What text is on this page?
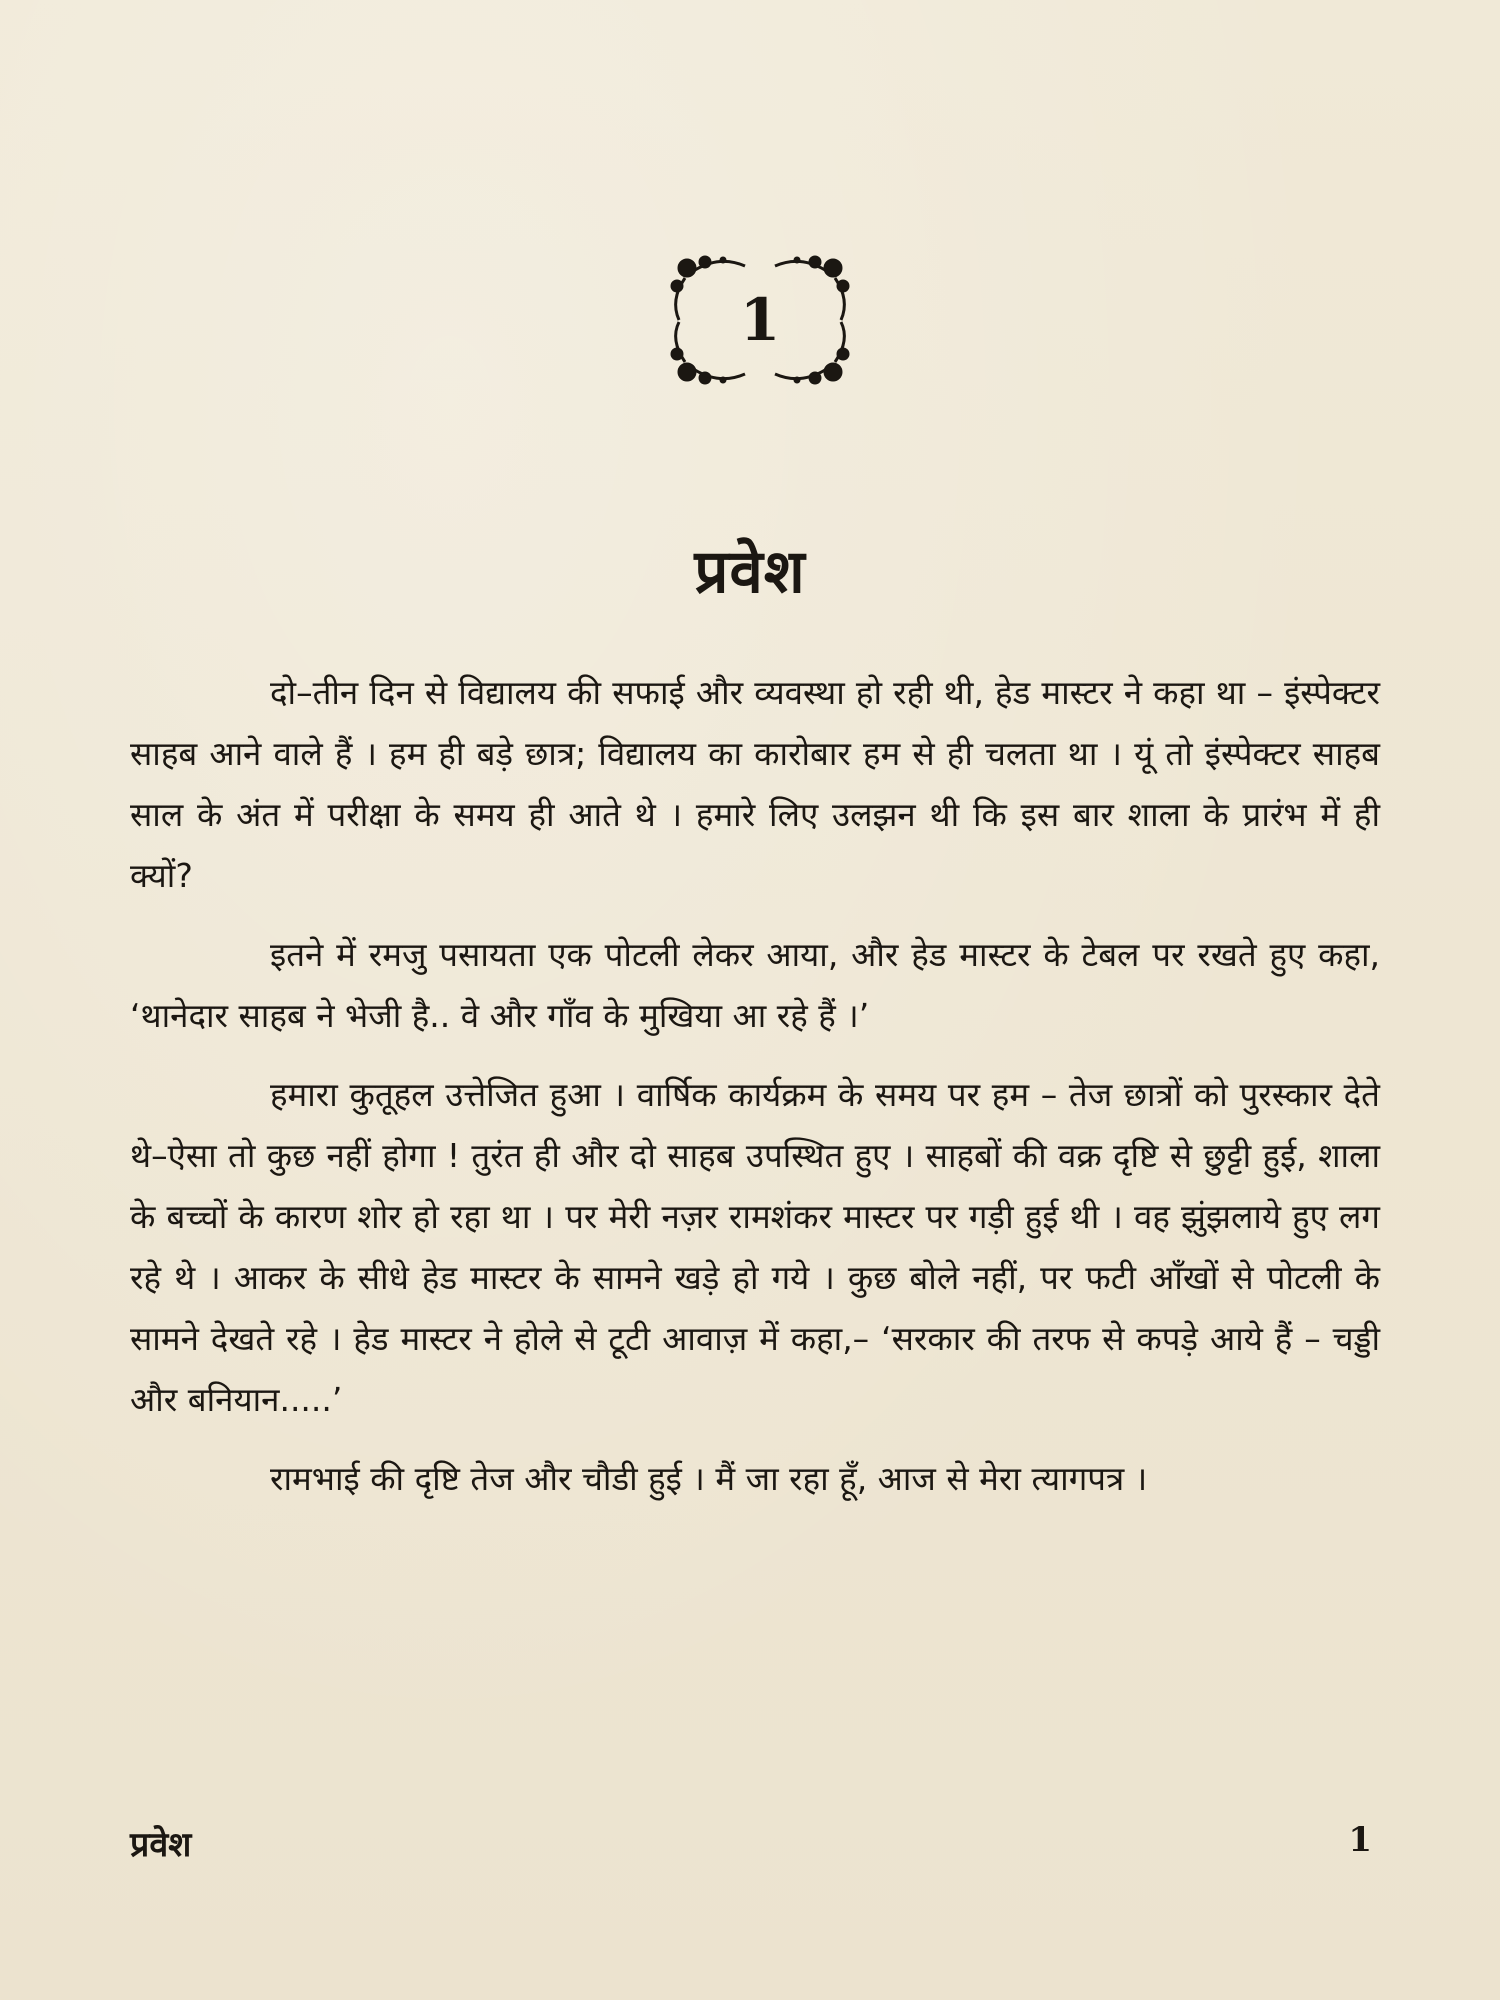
1
प्रवेश

दो–तीन दिन से विद्यालय की सफाई और व्यवस्था हो रही थी, हेड मास्टर ने कहा था – इंस्पेक्टर साहब आने वाले हैं । हम ही बड़े छात्र; विद्यालय का कारोबार हम से ही चलता था । यूं तो इंस्पेक्टर साहब साल के अंत में परीक्षा के समय ही आते थे । हमारे लिए उलझन थी कि इस बार शाला के प्रारंभ में ही क्यों?

इतने में रमजु पसायता एक पोटली लेकर आया, और हेड मास्टर के टेबल पर रखते हुए कहा, ‘थानेदार साहब ने भेजी है.. वे और गाँव के मुखिया आ रहे हैं ।’

हमारा कुतूहल उत्तेजित हुआ । वार्षिक कार्यक्रम के समय पर हम – तेज छात्रों को पुरस्कार देते थे–ऐसा तो कुछ नहीं होगा ! तुरंत ही और दो साहब उपस्थित हुए । साहबों की वक्र दृष्टि से छुट्टी हुई, शाला के बच्चों के कारण शोर हो रहा था । पर मेरी नज़र रामशंकर मास्टर पर गड़ी हुई थी । वह झुंझलाये हुए लग रहे थे । आकर के सीधे हेड मास्टर के सामने खड़े हो गये । कुछ बोले नहीं, पर फटी आँखों से पोटली के सामने देखते रहे । हेड मास्टर ने होले से टूटी आवाज़ में कहा,– ‘सरकार की तरफ से कपड़े आये हैं – चड्डी और बनियान.....’

रामभाई की दृष्टि तेज और चौडी हुई । मैं जा रहा हूँ, आज से मेरा त्यागपत्र ।

प्रवेश	1
